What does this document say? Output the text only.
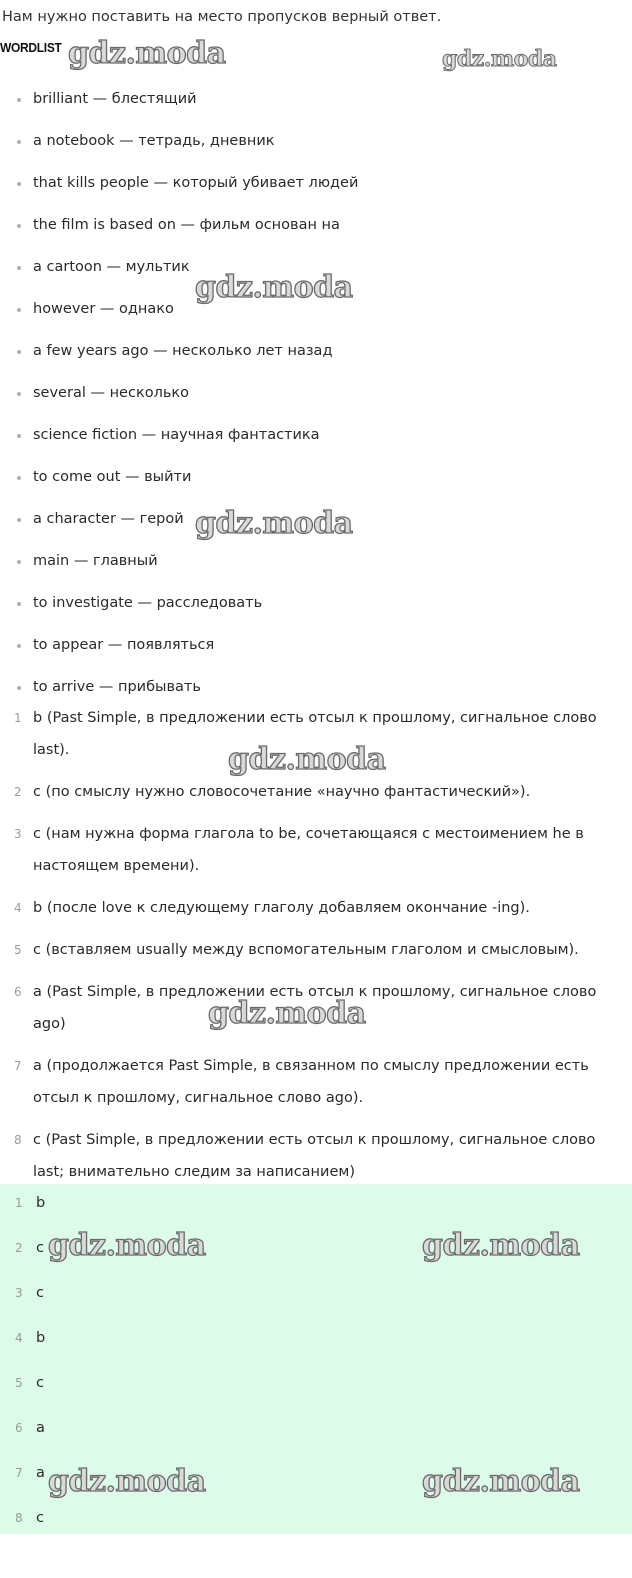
Нам нужно поставить на место пропусков верный ответ.
WORDLIST
brilliant — блестящий
a notebook — тетрадь, дневник
that kills people — который убивает людей
the film is based on — фильм основан на
a cartoon — мультик
however — однако
a few years ago — несколько лет назад
several — несколько
science fiction — научная фантастика
to come out — выйти
a character — герой
main — главный
to investigate — расследовать
to appear — появляться
to arrive — прибывать
1 b (Past Simple, в предложении есть отсыл к прошлому, сигнальное слово last).
2 c (по смыслу нужно словосочетание «научно фантастический»).
3 c (нам нужна форма глагола to be, сочетающаяся с местоимением he в настоящем времени).
4 b (после love к следующему глаголу добавляем окончание -ing).
5 c (вставляем usually между вспомогательным глаголом и смысловым).
6 a (Past Simple, в предложении есть отсыл к прошлому, сигнальное слово ago)
7 a (продолжается Past Simple, в связанном по смыслу предложении есть отсыл к прошлому, сигнальное слово ago).
8 c (Past Simple, в предложении есть отсыл к прошлому, сигнальное слово last; внимательно следим за написанием)
1 b
2 c
3 c
4 b
5 c
6 a
7 a
8 c
gdz.moda	gdz.moda
gdz.moda
gdz.moda
gdz.moda
gdz.moda
gdz.moda	gdz.moda
gdz.moda	gdz.moda
